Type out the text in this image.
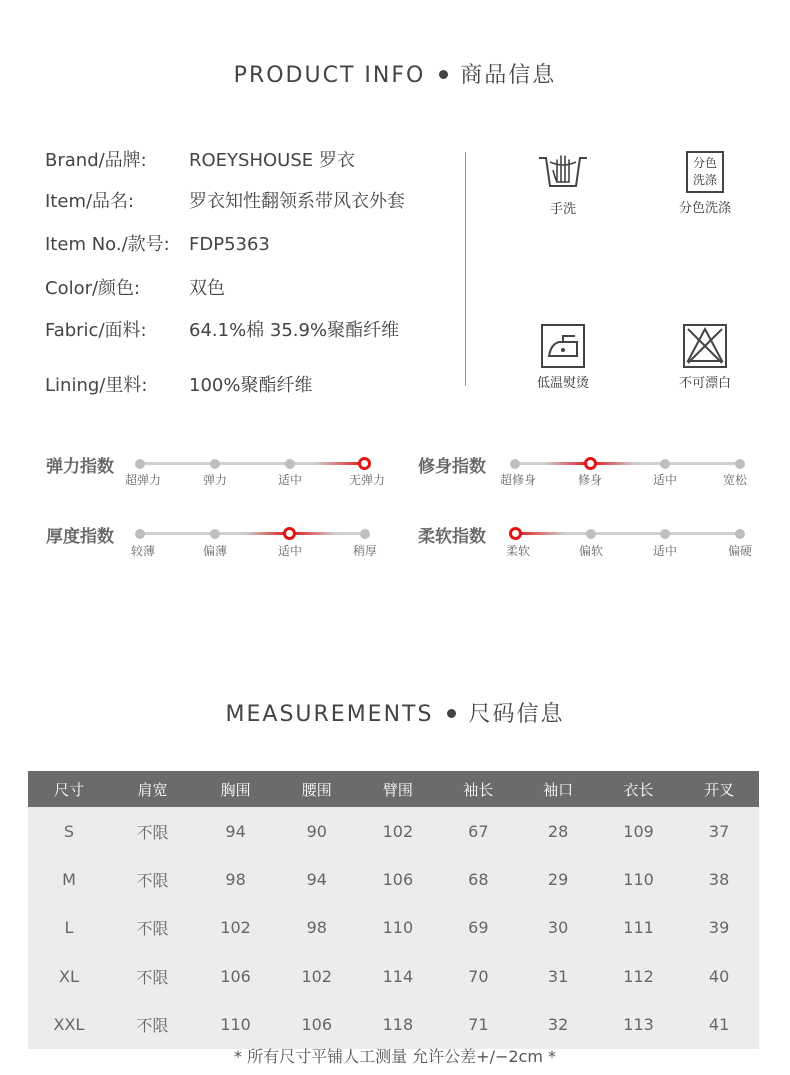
PRODUCT INFO 商品信息
Brand/品牌: ROEYSHOUSE 罗衣
Item/品名:	罗衣知性翻领系带风衣外套
Item No./款号: FDP5363
Color/颜色:	双色
Fabric/面料: 64.1%棉 35.9%聚酯纤维
Lining/里料: 100%聚酯纤维
手洗
分色
洗涤
分色洗涤
低温熨烫	不可漂白
弹力指数
超弹力	弹力	适中	无弹力
修身指数
超修身	修身	适中	宽松
厚度指数
较薄	偏薄	适中	稍厚
柔软指数
柔软	偏软	适中	偏硬
MEASUREMENTS 尺码信息
尺寸	肩宽	胸围	腰围	臂围	袖长	袖口	衣长	开叉
S	不限	94	90	102	67	28	109	37
M	不限	98	94	106	68	29	110	38
L	不限	102	98	110	69	30	111	39
XL	不限	106	102	114	70	31	112	40
XXL	不限	110	106	118	71	32	113	41
* 所有尺寸平铺人工测量 允许公差+/−2cm *
